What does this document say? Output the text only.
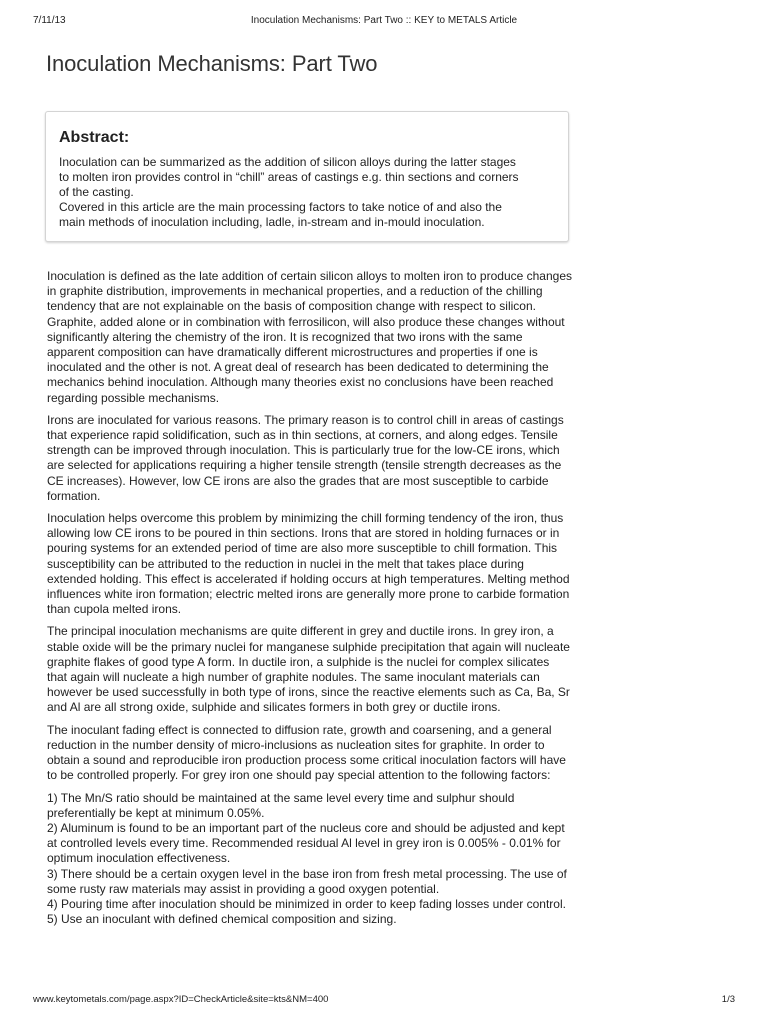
7/11/13	Inoculation Mechanisms: Part Two :: KEY to METALS Article
Inoculation Mechanisms: Part Two
Abstract:
Inoculation can be summarized as the addition of silicon alloys during the latter stages
to molten iron provides control in “chill” areas of castings e.g. thin sections and corners
of the casting.
Covered in this article are the main processing factors to take notice of and also the
main methods of inoculation including, ladle, in-stream and in-mould inoculation.

Inoculation is defined as the late addition of certain silicon alloys to molten iron to produce changes in graphite distribution, improvements in mechanical properties, and a reduction of the chilling tendency that are not explainable on the basis of composition change with respect to silicon. Graphite, added alone or in combination with ferrosilicon, will also produce these changes without significantly altering the chemistry of the iron. It is recognized that two irons with the same apparent composition can have dramatically different microstructures and properties if one is inoculated and the other is not. A great deal of research has been dedicated to determining the mechanics behind inoculation. Although many theories exist no conclusions have been reached regarding possible mechanisms.

Irons are inoculated for various reasons. The primary reason is to control chill in areas of castings that experience rapid solidification, such as in thin sections, at corners, and along edges. Tensile strength can be improved through inoculation. This is particularly true for the low-CE irons, which are selected for applications requiring a higher tensile strength (tensile strength decreases as the CE increases). However, low CE irons are also the grades that are most susceptible to carbide formation.

Inoculation helps overcome this problem by minimizing the chill forming tendency of the iron, thus allowing low CE irons to be poured in thin sections. Irons that are stored in holding furnaces or in pouring systems for an extended period of time are also more susceptible to chill formation. This susceptibility can be attributed to the reduction in nuclei in the melt that takes place during extended holding. This effect is accelerated if holding occurs at high temperatures. Melting method influences white iron formation; electric melted irons are generally more prone to carbide formation than cupola melted irons.

The principal inoculation mechanisms are quite different in grey and ductile irons. In grey iron, a stable oxide will be the primary nuclei for manganese sulphide precipitation that again will nucleate graphite flakes of good type A form. In ductile iron, a sulphide is the nuclei for complex silicates that again will nucleate a high number of graphite nodules. The same inoculant materials can however be used successfully in both type of irons, since the reactive elements such as Ca, Ba, Sr and Al are all strong oxide, sulphide and silicates formers in both grey or ductile irons.

The inoculant fading effect is connected to diffusion rate, growth and coarsening, and a general reduction in the number density of micro-inclusions as nucleation sites for graphite. In order to obtain a sound and reproducible iron production process some critical inoculation factors will have to be controlled properly. For grey iron one should pay special attention to the following factors:

1) The Mn/S ratio should be maintained at the same level every time and sulphur should preferentially be kept at minimum 0.05%.
2) Aluminum is found to be an important part of the nucleus core and should be adjusted and kept at controlled levels every time. Recommended residual Al level in grey iron is 0.005% - 0.01% for optimum inoculation effectiveness.
3) There should be a certain oxygen level in the base iron from fresh metal processing. The use of some rusty raw materials may assist in providing a good oxygen potential.
4) Pouring time after inoculation should be minimized in order to keep fading losses under control.
5) Use an inoculant with defined chemical composition and sizing.
www.keytometals.com/page.aspx?ID=CheckArticle&site=kts&NM=400	1/3
